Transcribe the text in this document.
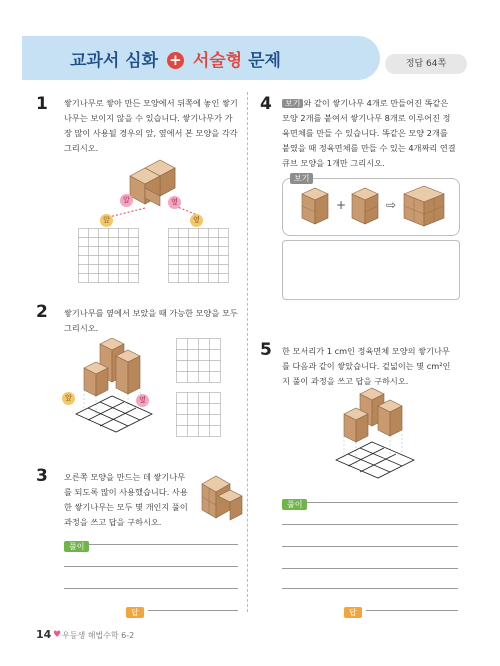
교과서 심화 + 서술형 문제	정답 64쪽
1 쌓기나무로 쌓아 만든 모양에서 뒤쪽에 놓인 쌓기
나무는 보이지 않을 수 있습니다. 쌓기나무가 가
장 많이 사용될 경우의 앞, 옆에서 본 모양을 각각
그리시오.
앞	옆
앞	옆
2 쌓기나무를 옆에서 보았을 때 가능한 모양을 모두
그리시오.
앞	옆
3 오른쪽 모양을 만드는 데 쌓기나무
를 되도록 많이 사용했습니다. 사용
한 쌓기나무는 모두 몇 개인지 풀이
과정을 쓰고 답을 구하시오.
풀이
답
4	보기 와 같이 쌓기나무 4개로 만들어진 똑같은
모양 2개를 붙여서 쌓기나무 8개로 이루어진 정
육면체를 만들 수 있습니다. 똑같은 모양 2개를
붙였을 때 정육면체를 만들 수 있는 4개짜리 연결
큐브 모양을 1개만 그리시오.
보기
+	⇨
5 한 모서리가 1 cm인 정육면체 모양의 쌓기나무
를 다음과 같이 쌓았습니다. 겉넓이는 몇 cm²인
지 풀이 과정을 쓰고 답을 구하시오.
풀이
답
14 ♥ 우등생 해법수학 6-2
